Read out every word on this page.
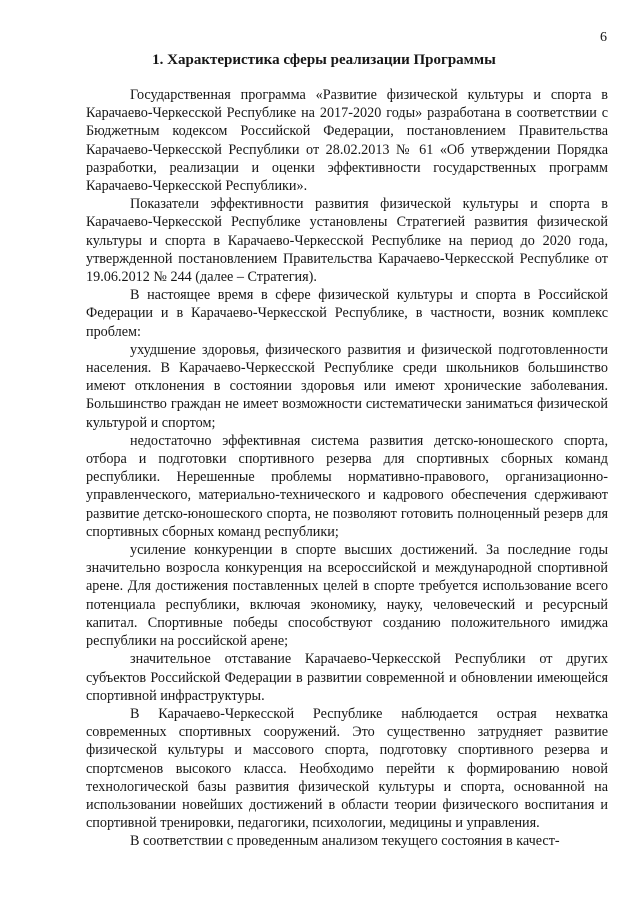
6
1. Характеристика сферы реализации Программы

Государственная программа «Развитие физической культуры и спорта в Карачаево-Черкесской Республике на 2017-2020 годы» разработана в соответствии с Бюджетным кодексом Российской Федерации, постановлением Правительства Карачаево-Черкесской Республики от 28.02.2013 № 61 «Об утверждении Порядка разработки, реализации и оценки эффективности государственных программ Карачаево-Черкесской Республики».

Показатели эффективности развития физической культуры и спорта в Карачаево-Черкесской Республике установлены Стратегией развития физической культуры и спорта в Карачаево-Черкесской Республике на период до 2020 года, утвержденной постановлением Правительства Карачаево-Черкесской Республике от 19.06.2012 № 244 (далее – Стратегия).

В настоящее время в сфере физической культуры и спорта в Российской Федерации и в Карачаево-Черкесской Республике, в частности, возник комплекс проблем:

ухудшение здоровья, физического развития и физической подготовленности населения. В Карачаево-Черкесской Республике среди школьников большинство имеют отклонения в состоянии здоровья или имеют хронические заболевания. Большинство граждан не имеет возможности систематически заниматься физической культурой и спортом;

недостаточно эффективная система развития детско-юношеского спорта, отбора и подготовки спортивного резерва для спортивных сборных команд республики. Нерешенные проблемы нормативно-правового, организационно-управленческого, материально-технического и кадрового обеспечения сдерживают развитие детско-юношеского спорта, не позволяют готовить полноценный резерв для спортивных сборных команд республики;

усиление конкуренции в спорте высших достижений. За последние годы значительно возросла конкуренция на всероссийской и международной спортивной арене. Для достижения поставленных целей в спорте требуется использование всего потенциала республики, включая экономику, науку, человеческий и ресурсный капитал. Спортивные победы способствуют созданию положительного имиджа республики на российской арене;

значительное отставание Карачаево-Черкесской Республики от других субъектов Российской Федерации в развитии современной и обновлении имеющейся спортивной инфраструктуры.

В Карачаево-Черкесской Республике наблюдается острая нехватка современных спортивных сооружений. Это существенно затрудняет развитие физической культуры и массового спорта, подготовку спортивного резерва и спортсменов высокого класса. Необходимо перейти к формированию новой технологической базы развития физической культуры и спорта, основанной на использовании новейших достижений в области теории физического воспитания и спортивной тренировки, педагогики, психологии, медицины и управления.

В соответствии с проведенным анализом текущего состояния в качест-
